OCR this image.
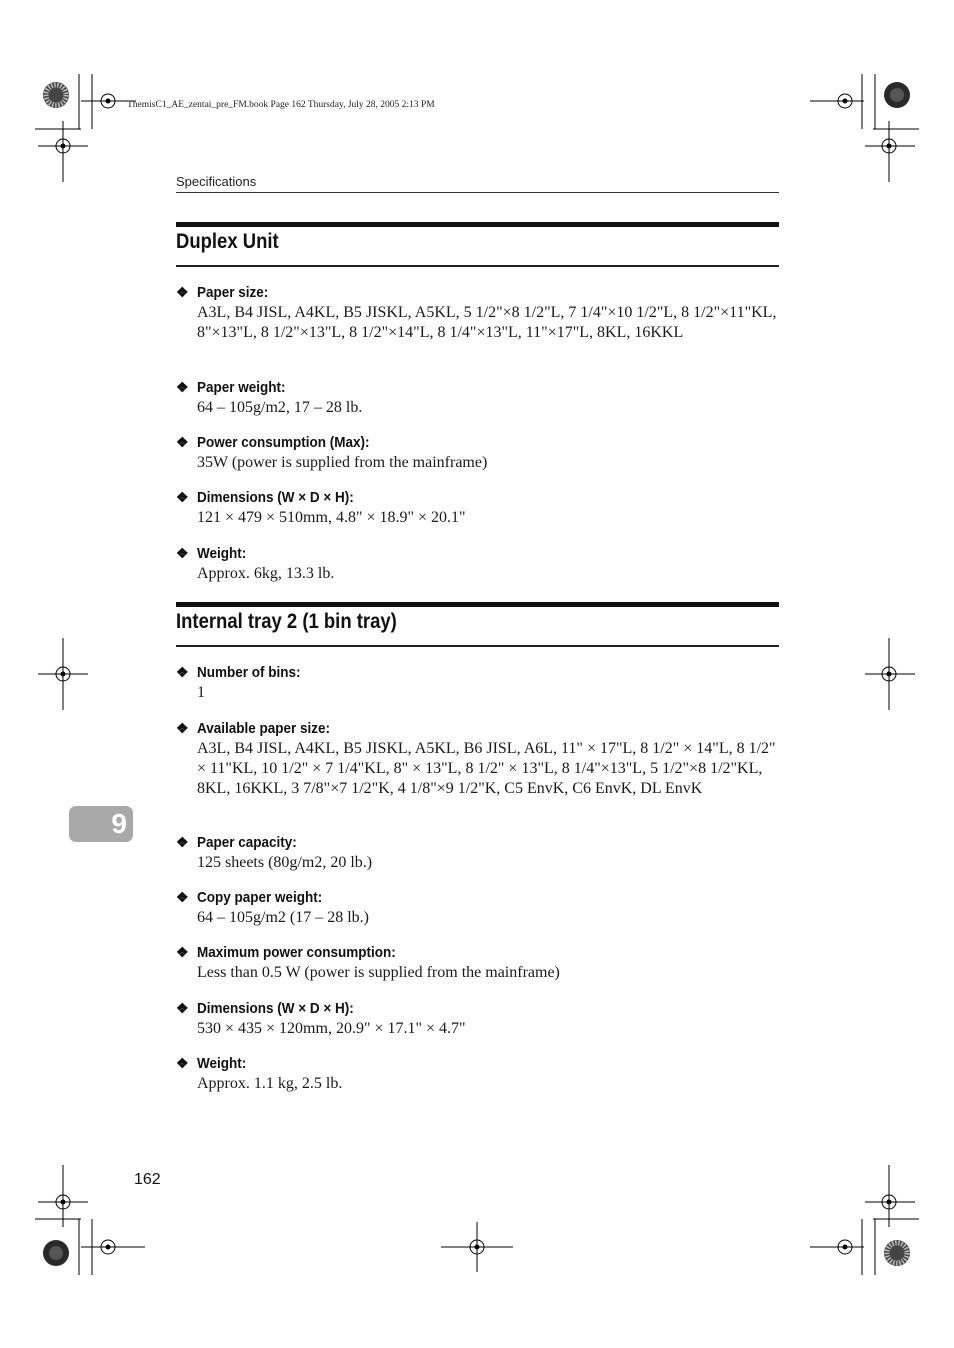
ThemisC1_AE_zentai_pre_FM.book Page 162 Thursday, July 28, 2005 2:13 PM
Specifications
Duplex Unit
❖ Paper size:
A3L, B4 JISL, A4KL, B5 JISKL, A5KL, 5 1/2"×8 1/2"L, 7 1/4"×10 1/2"L, 8 1/2"×11"KL, 8"×13"L, 8 1/2"×13"L, 8 1/2"×14"L, 8 1/4"×13"L, 11"×17"L, 8KL, 16KKL
❖ Paper weight:
64 – 105g/m2, 17 – 28 lb.
❖ Power consumption (Max):
35W (power is supplied from the mainframe)
❖ Dimensions (W × D × H):
121 × 479 × 510mm, 4.8" × 18.9" × 20.1"
❖ Weight:
Approx. 6kg, 13.3 lb.
Internal tray 2 (1 bin tray)
❖ Number of bins:
1
❖ Available paper size:
A3L, B4 JISL, A4KL, B5 JISKL, A5KL, B6 JISL, A6L, 11" × 17"L, 8 1/2" × 14"L, 8 1/2" × 11"KL, 10 1/2" × 7 1/4"KL, 8" × 13"L, 8 1/2" × 13"L, 8 1/4"×13"L, 5 1/2"×8 1/2"KL, 8KL, 16KKL, 3 7/8"×7 1/2"K, 4 1/8"×9 1/2"K, C5 EnvK, C6 EnvK, DL EnvK
❖ Paper capacity:
125 sheets (80g/m2, 20 lb.)
❖ Copy paper weight:
64 – 105g/m2 (17 – 28 lb.)
❖ Maximum power consumption:
Less than 0.5 W (power is supplied from the mainframe)
❖ Dimensions (W × D × H):
530 × 435 × 120mm, 20.9" × 17.1" × 4.7"
❖ Weight:
Approx. 1.1 kg, 2.5 lb.
9
162
